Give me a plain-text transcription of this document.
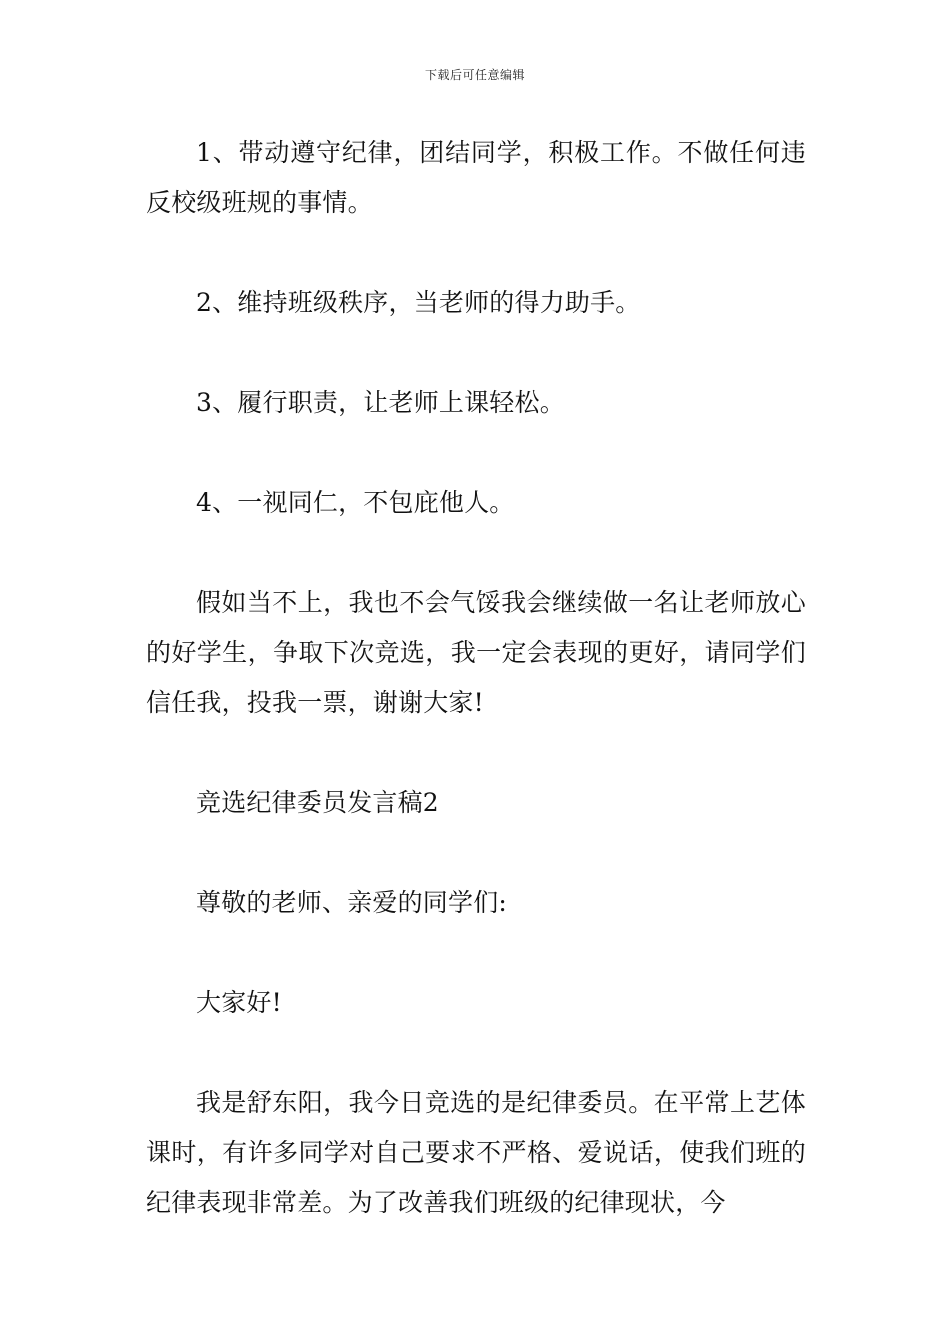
下载后可任意编辑

1、带动遵守纪律，团结同学，积极工作。不做任何违反校级班规的事情。

2、维持班级秩序，当老师的得力助手。

3、履行职责，让老师上课轻松。

4、一视同仁，不包庇他人。

假如当不上，我也不会气馁我会继续做一名让老师放心的好学生，争取下次竞选，我一定会表现的更好，请同学们信任我，投我一票，谢谢大家!

竞选纪律委员发言稿2

尊敬的老师、亲爱的同学们:

大家好!

我是舒东阳，我今日竞选的是纪律委员。在平常上艺体课时，有许多同学对自己要求不严格、爱说话，使我们班的纪律表现非常差。为了改善我们班级的纪律现状，今
